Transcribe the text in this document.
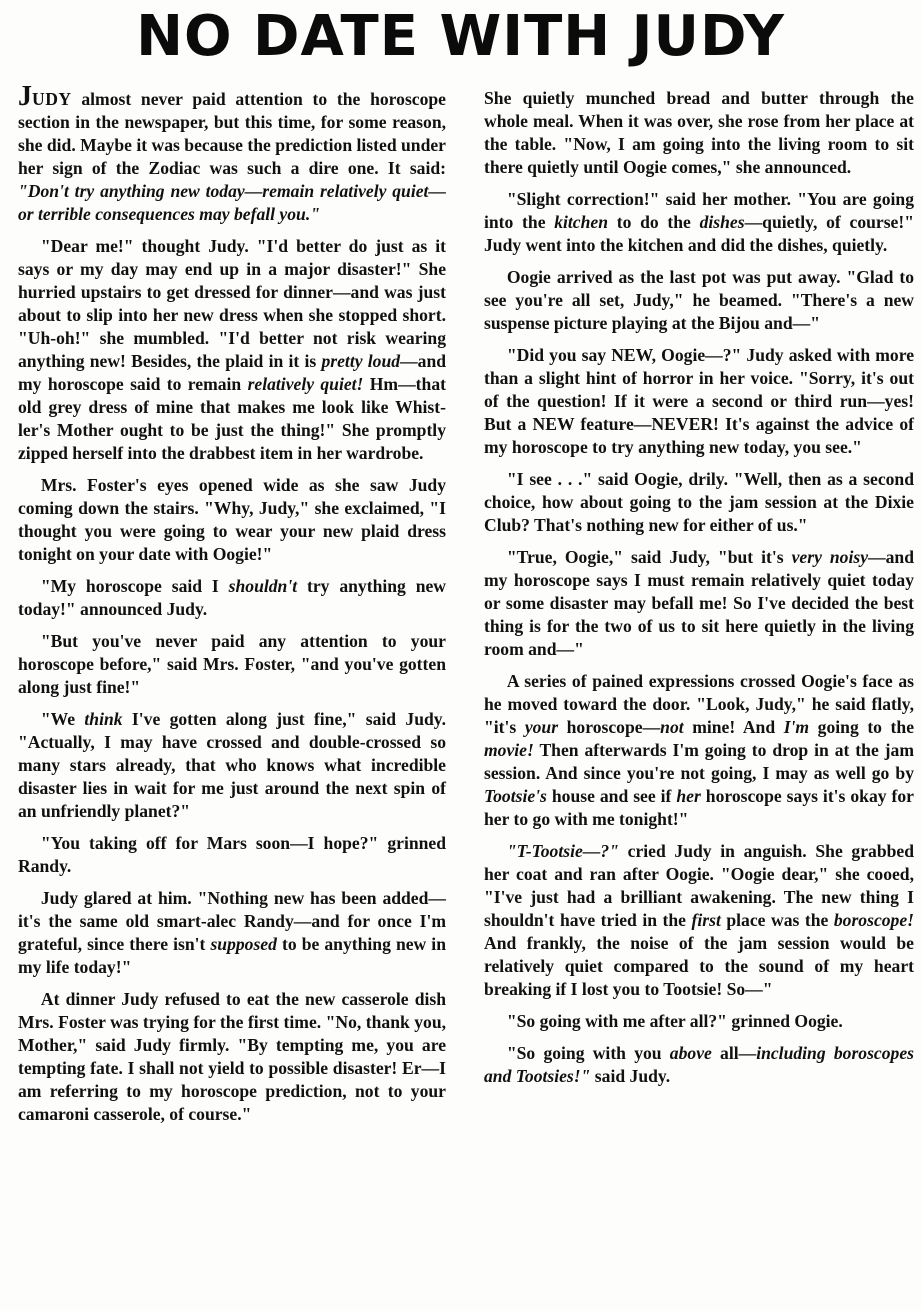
NO DATE WITH JUDY

JUDY almost never paid attention to the horoscope section in the newspaper, but this time, for some reason, she did. Maybe it was because the prediction listed under her sign of the Zodiac was such a dire one. It said: "Don't try anything new today—remain relatively quiet—or terrible consequences may befall you."

"Dear me!" thought Judy. "I'd better do just as it says or my day may end up in a major disaster!" She hurried upstairs to get dressed for dinner—and was just about to slip into her new dress when she stopped short. "Uh-oh!" she mumbled. "I'd better not risk wearing anything new! Besides, the plaid in it is pretty loud—and my horoscope said to remain relatively quiet! Hm—that old grey dress of mine that makes me look like Whistler's Mother ought to be just the thing!" She promptly zipped herself into the drabbest item in her wardrobe.

Mrs. Foster's eyes opened wide as she saw Judy coming down the stairs. "Why, Judy," she exclaimed, "I thought you were going to wear your new plaid dress tonight on your date with Oogie!"

"My horoscope said I shouldn't try anything new today!" announced Judy.

"But you've never paid any attention to your horoscope before," said Mrs. Foster, "and you've gotten along just fine!"

"We think I've gotten along just fine," said Judy. "Actually, I may have crossed and double-crossed so many stars already, that who knows what incredible disaster lies in wait for me just around the next spin of an unfriendly planet?"

"You taking off for Mars soon—I hope?" grinned Randy.

Judy glared at him. "Nothing new has been added—it's the same old smart-alec Randy—and for once I'm grateful, since there isn't supposed to be anything new in my life today!"

At dinner Judy refused to eat the new casserole dish Mrs. Foster was trying for the first time. "No, thank you, Mother," said Judy firmly. "By tempting me, you are tempting fate. I shall not yield to possible disaster! Er—I am referring to my horoscope prediction, not to your camaroni casserole, of course."

She quietly munched bread and butter through the whole meal. When it was over, she rose from her place at the table. "Now, I am going into the living room to sit there quietly until Oogie comes," she announced.

"Slight correction!" said her mother. "You are going into the kitchen to do the dishes—quietly, of course!" Judy went into the kitchen and did the dishes, quietly.

Oogie arrived as the last pot was put away. "Glad to see you're all set, Judy," he beamed. "There's a new suspense picture playing at the Bijou and—"

"Did you say NEW, Oogie—?" Judy asked with more than a slight hint of horror in her voice. "Sorry, it's out of the question! If it were a second or third run—yes! But a NEW feature—NEVER! It's against the advice of my horoscope to try anything new today, you see."

"I see . . ." said Oogie, drily. "Well, then as a second choice, how about going to the jam session at the Dixie Club? That's nothing new for either of us."

"True, Oogie," said Judy, "but it's very noisy—and my horoscope says I must remain relatively quiet today or some disaster may befall me! So I've decided the best thing is for the two of us to sit here quietly in the living room and—"

A series of pained expressions crossed Oogie's face as he moved toward the door. "Look, Judy," he said flatly, "it's your horoscope—not mine! And I'm going to the movie! Then afterwards I'm going to drop in at the jam session. And since you're not going, I may as well go by Tootsie's house and see if her horoscope says it's okay for her to go with me tonight!"

"T-Tootsie—?" cried Judy in anguish. She grabbed her coat and ran after Oogie. "Oogie dear," she cooed, "I've just had a brilliant awakening. The new thing I shouldn't have tried in the first place was the boroscope! And frankly, the noise of the jam session would be relatively quiet compared to the sound of my heart breaking if I lost you to Tootsie! So—"

"So going with me after all?" grinned Oogie.

"So going with you above all—including boroscopes and Tootsies!" said Judy.
